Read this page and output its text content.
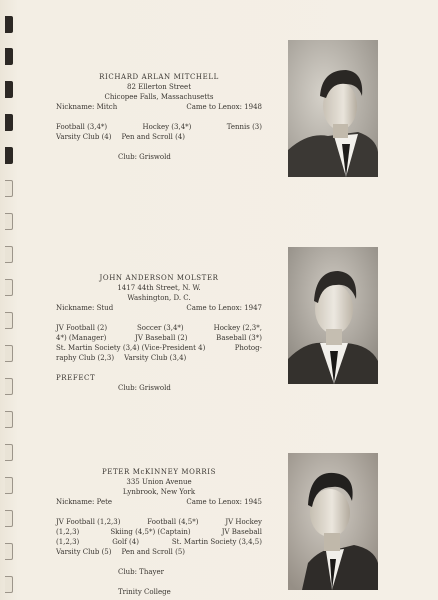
RICHARD ARLAN MITCHELL
82 Ellerton Street
Chicopee Falls, Massachusetts
Nickname: Mitch	Came to Lenox: 1948
Football (3,4*)	Hockey (3,4*)	Tennis (3)
Varsity Club (4) Pen and Scroll (4)
Club: Griswold
JOHN ANDERSON MOLSTER
1417 44th Street, N. W.
Washington, D. C.
Nickname: Stud	Came to Lenox: 1947
JV Football (2)	Soccer (3,4*)	Hockey (2,3*,
4*) (Manager)	JV Baseball (2)	Baseball (3*)
St. Martin Society (3,4) (Vice-President 4)	Photog-
raphy Club (2,3) Varsity Club (3,4)
PREFECT
Club: Griswold
PETER McKINNEY MORRIS
335 Union Avenue
Lynbrook, New York
Nickname: Pete	Came to Lenox: 1945
JV Football (1,2,3)	Football (4,5*)	JV Hockey
(1,2,3)	Skiing (4,5*) (Captain)	JV Baseball
(1,2,3)	Golf (4)	St. Martin Society (3,4,5)
Varsity Club (5) Pen and Scroll (5)
Club: Thayer
Trinity College
